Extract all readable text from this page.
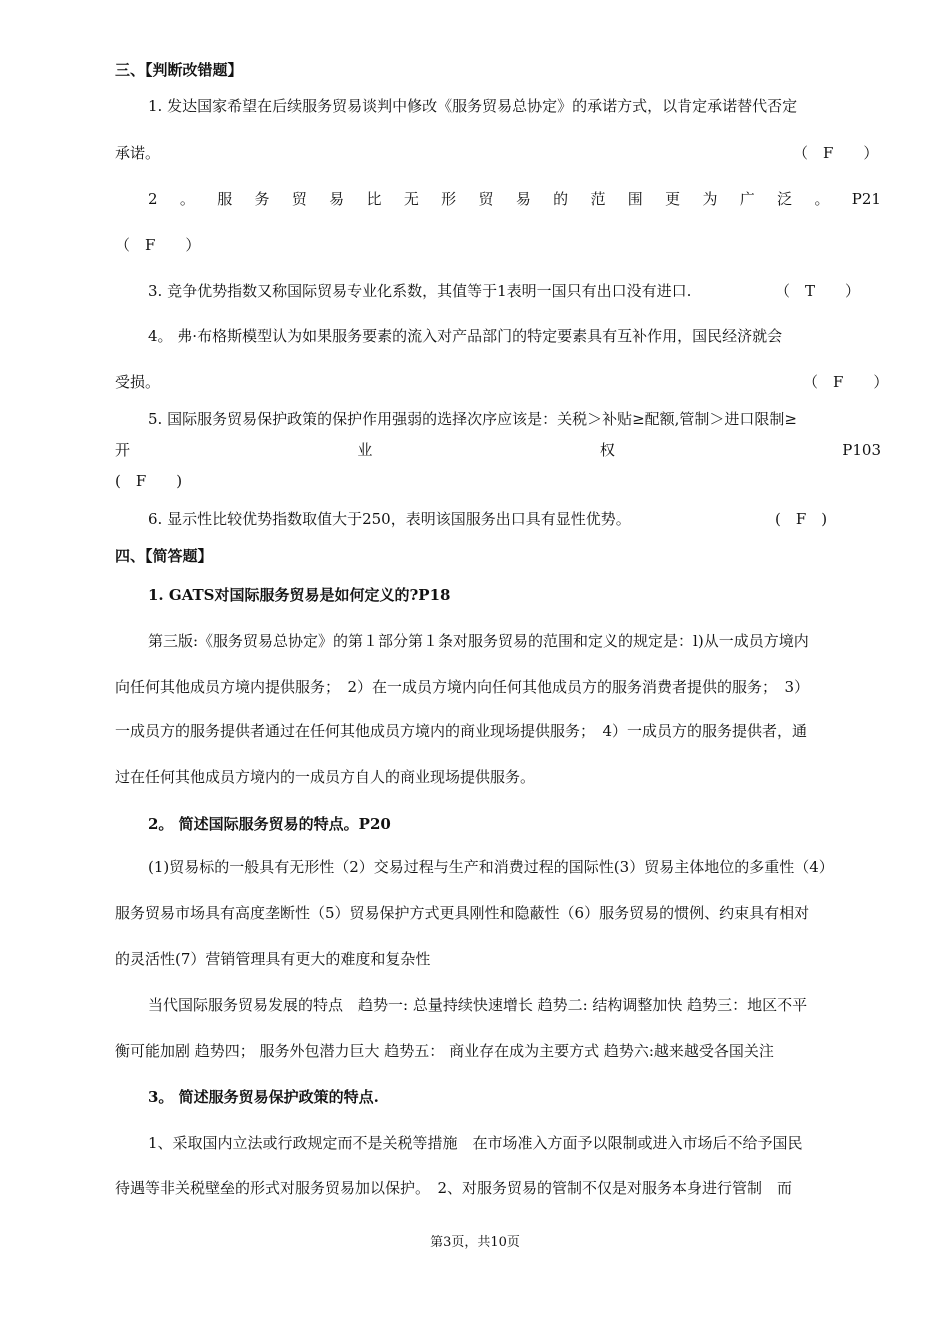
三、【判断改错题】
1. 发达国家希望在后续服务贸易谈判中修改《服务贸易总协定》的承诺方式，以肯定承诺替代否定
承诺。	（　F　　）
2 。 服 务 贸 易 比 无 形 贸 易 的 范 围 更 为 广 泛 。 P21
（　F　　）
3. 竞争优势指数又称国际贸易专业化系数，其值等于1表明一国只有出口没有进口.	（　T　　）
4。 弗·布格斯模型认为如果服务要素的流入对产品部门的特定要素具有互补作用，国民经济就会
受损。	（　F　　）
5. 国际服务贸易保护政策的保护作用强弱的选择次序应该是：关税＞补贴≥配额,管制＞进口限制≥
开	业	权	P103
(　F　　)
6. 显示性比较优势指数取值大于250，表明该国服务出口具有显性优势。	(　F　)
四、【简答题】
1. GATS对国际服务贸易是如何定义的?P18
第三版:《服务贸易总协定》的第１部分第１条对服务贸易的范围和定义的规定是：l)从一成员方境内
向任何其他成员方境内提供服务；　2）在一成员方境内向任何其他成员方的服务消费者提供的服务；　3）
一成员方的服务提供者通过在任何其他成员方境内的商业现场提供服务；　4）一成员方的服务提供者，通
过在任何其他成员方境内的一成员方自人的商业现场提供服务。
2。 简述国际服务贸易的特点。P20
(1)贸易标的一般具有无形性（2）交易过程与生产和消费过程的国际性(3）贸易主体地位的多重性（4）
服务贸易市场具有高度垄断性（5）贸易保护方式更具刚性和隐蔽性（6）服务贸易的惯例、约束具有相对
的灵活性(7）营销管理具有更大的难度和复杂性
当代国际服务贸易发展的特点　趋势一: 总量持续快速增长 趋势二: 结构调整加快 趋势三：地区不平
衡可能加剧 趋势四； 服务外包潜力巨大 趋势五： 商业存在成为主要方式 趋势六:越来越受各国关注
3。 简述服务贸易保护政策的特点.
1、采取国内立法或行政规定而不是关税等措施　在市场准入方面予以限制或进入市场后不给予国民
待遇等非关税壁垒的形式对服务贸易加以保护。　2、对服务贸易的管制不仅是对服务本身进行管制　而
第3页，共10页
